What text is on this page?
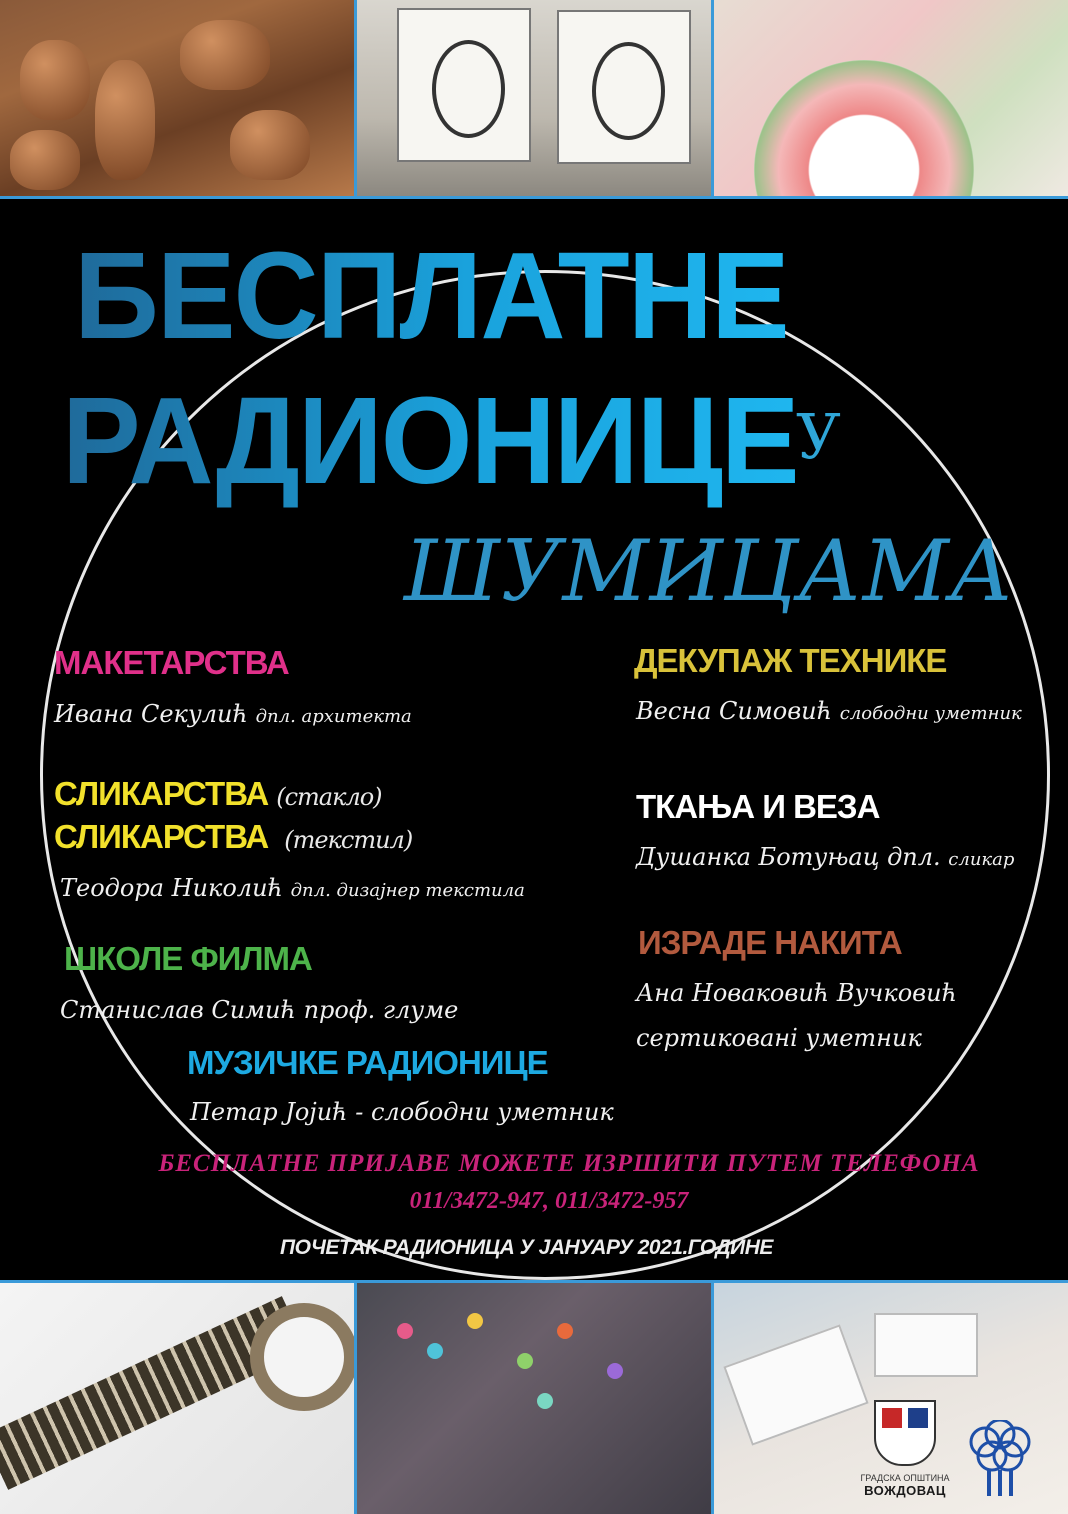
БЕСПЛАТНЕ
РАДИОНИЦЕ
У
ШУМИЦАМА
МАКЕТАРСТВА
Ивана Секулић дпл. архитекта
СЛИКАРСТВА (стакло)
СЛИКАРСТВА (текстил)
Теодора Николић дпл. дизајнер текстила
ШКОЛЕ ФИЛМА
Станислав Симић проф. глуме
МУЗИЧКЕ РАДИОНИЦЕ
Петар Јојић - слободни уметник
ДЕКУПАЖ ТЕХНИКЕ
Весна Симовић слободни уметник
ТКАЊА И ВЕЗА
Душанка Ботуњац дпл. сликар
ИЗРАДЕ НАКИТА
Ана Новаковић Вучковић
сертикованi уметник
БЕСПЛАТНЕ ПРИЈАВЕ МОЖЕТЕ ИЗРШИТИ ПУТЕМ ТЕЛЕФОНА
011/3472-947, 011/3472-957
ПОЧЕТАК РАДИОНИЦА У ЈАНУАРУ 2021.ГОДИНЕ
ГРАДСКА ОПШТИНА
ВОЖДОВАЦ
